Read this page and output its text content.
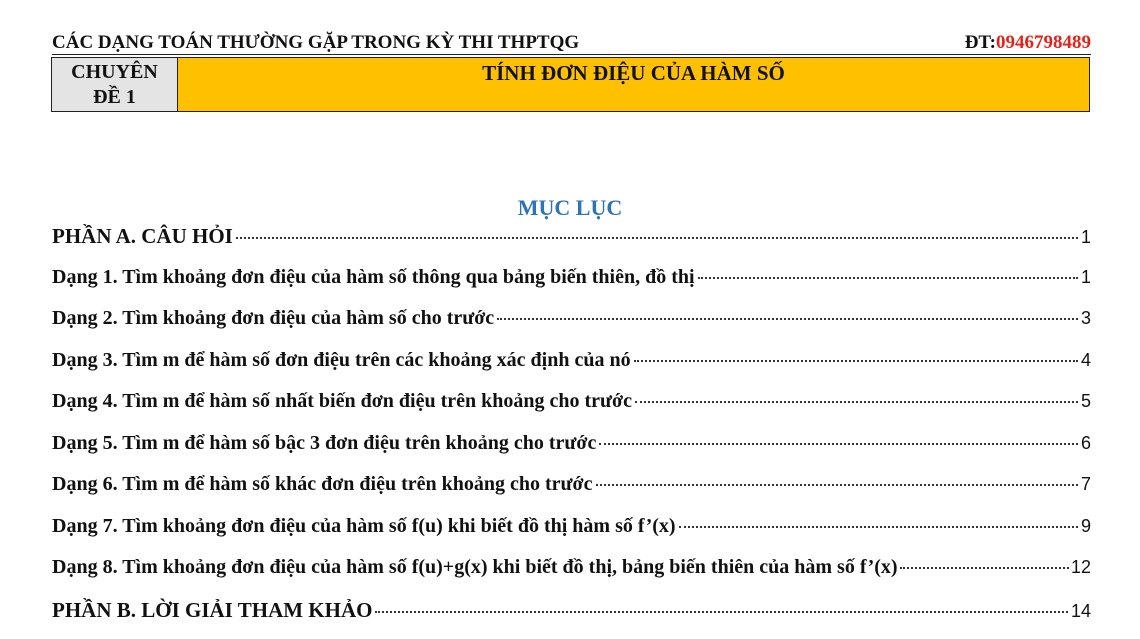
CÁC DẠNG TOÁN THƯỜNG GẶP TRONG KỲ THI THPTQG	ĐT:0946798489
CHUYÊN
ĐỀ 1
TÍNH ĐƠN ĐIỆU CỦA HÀM SỐ
MỤC LỤC
PHẦN A. CÂU HỎI	1
Dạng 1. Tìm khoảng đơn điệu của hàm số thông qua bảng biến thiên, đồ thị	1
Dạng 2. Tìm khoảng đơn điệu của hàm số cho trước	3
Dạng 3. Tìm m để hàm số đơn điệu trên các khoảng xác định của nó	4
Dạng 4. Tìm m để hàm số nhất biến đơn điệu trên khoảng cho trước	5
Dạng 5. Tìm m để hàm số bậc 3 đơn điệu trên khoảng cho trước	6
Dạng 6. Tìm m để hàm số khác đơn điệu trên khoảng cho trước	7
Dạng 7. Tìm khoảng đơn điệu của hàm số f(u) khi biết đồ thị hàm số f’(x)	9
Dạng 8. Tìm khoảng đơn điệu của hàm số f(u)+g(x) khi biết đồ thị, bảng biến thiên của hàm số f’(x)	12
PHẦN B. LỜI GIẢI THAM KHẢO	14
